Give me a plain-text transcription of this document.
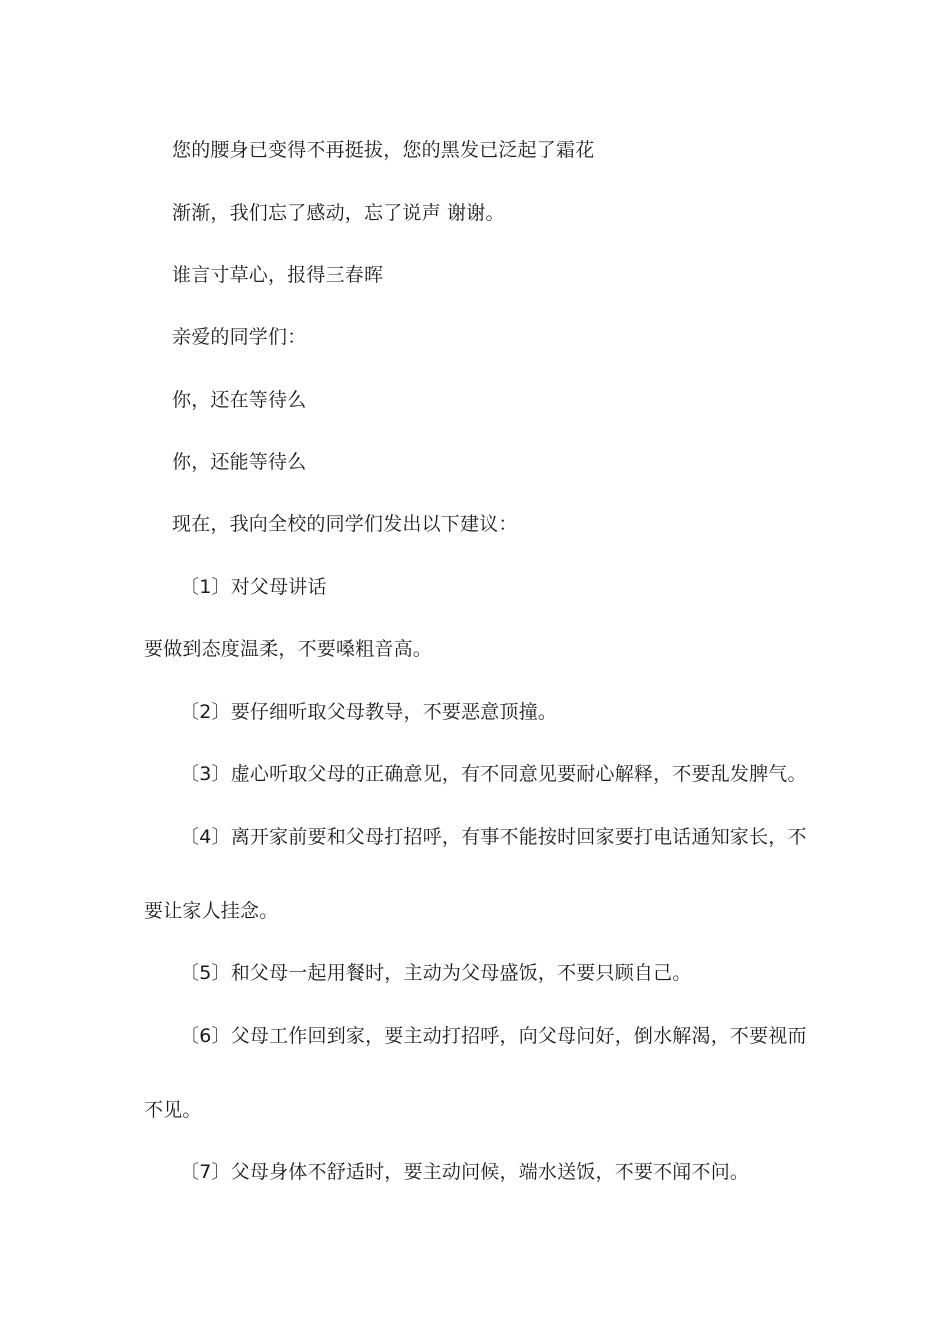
您的腰身已变得不再挺拔，您的黑发已泛起了霜花
渐渐，我们忘了感动，忘了说声 谢谢。
谁言寸草心，报得三春晖
亲爱的同学们：
你，还在等待么
你，还能等待么
现在，我向全校的同学们发出以下建议：
〔1〕对父母讲话
要做到态度温柔，不要嗓粗音高。
〔2〕要仔细听取父母教导，不要恶意顶撞。
〔3〕虚心听取父母的正确意见，有不同意见要耐心解释，不要乱发脾气。
〔4〕离开家前要和父母打招呼，有事不能按时回家要打电话通知家长，不
要让家人挂念。
〔5〕和父母一起用餐时，主动为父母盛饭，不要只顾自己。
〔6〕父母工作回到家，要主动打招呼，向父母问好，倒水解渴，不要视而
不见。
〔7〕父母身体不舒适时，要主动问候，端水送饭，不要不闻不问。
